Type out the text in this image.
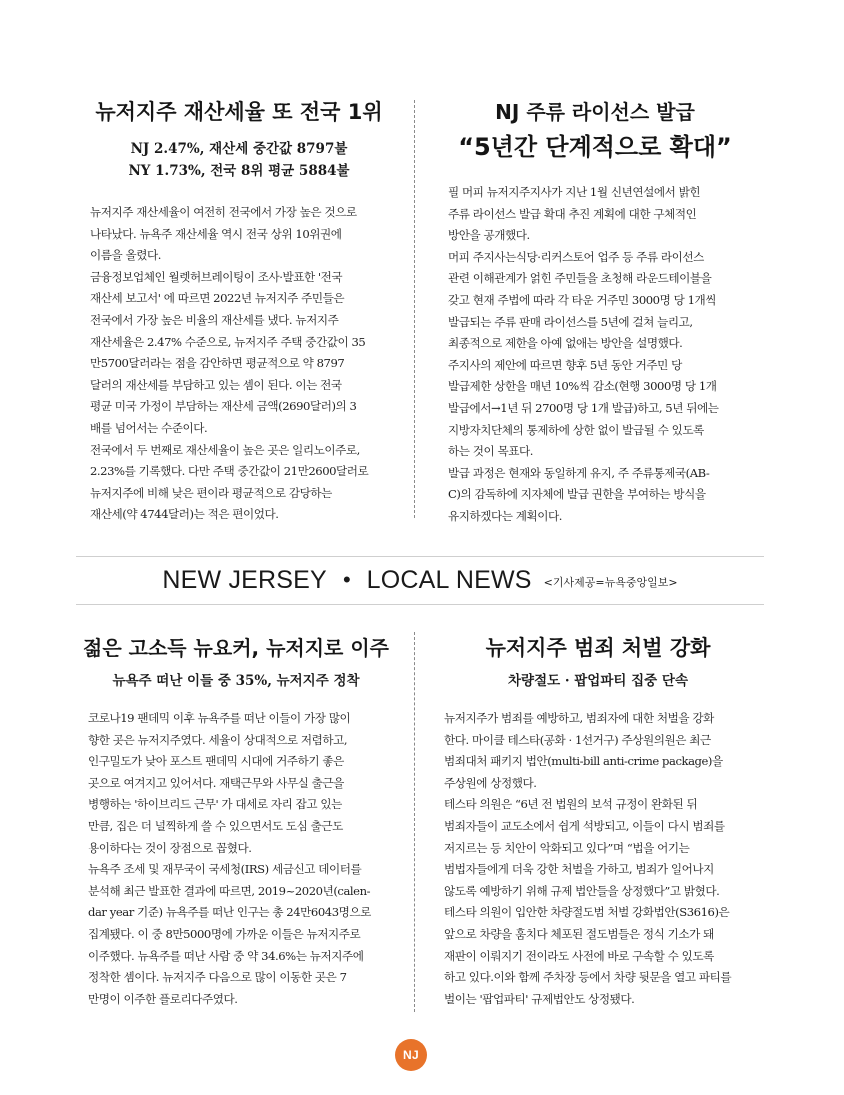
뉴저지주 재산세율 또 전국 1위
NJ 2.47%, 재산세 중간값 8797불
NY 1.73%, 전국 8위 평균 5884불

뉴저지주 재산세율이 여전히 전국에서 가장 높은 것으로
나타났다. 뉴욕주 재산세율 역시 전국 상위 10위권에
이름을 올렸다.
금융정보업체인 월렛허브레이팅이 조사·발표한 '전국
재산세 보고서' 에 따르면 2022년 뉴저지주 주민들은
전국에서 가장 높은 비율의 재산세를 냈다. 뉴저지주
재산세율은 2.47% 수준으로, 뉴저지주 주택 중간값이 35
만5700달러라는 점을 감안하면 평균적으로 약 8797
달러의 재산세를 부담하고 있는 셈이 된다. 이는 전국
평균 미국 가정이 부담하는 재산세 금액(2690달러)의 3
배를 넘어서는 수준이다.
전국에서 두 번째로 재산세율이 높은 곳은 일리노이주로,
2.23%를 기록했다. 다만 주택 중간값이 21만2600달러로
뉴저지주에 비해 낮은 편이라 평균적으로 감당하는
재산세(약 4744달러)는 적은 편이었다.

NJ 주류 라이선스 발급
“5년간 단계적으로 확대”

필 머피 뉴저지주지사가 지난 1월 신년연설에서 밝힌
주류 라이선스 발급 확대 추진 계획에 대한 구체적인
방안을 공개했다.
머피 주지사는식당·리커스토어 업주 등 주류 라이선스
관련 이해관계가 얽힌 주민들을 초청해 라운드테이블을
갖고 현재 주법에 따라 각 타운 거주민 3000명 당 1개씩
발급되는 주류 판매 라이선스를 5년에 걸쳐 늘리고,
최종적으로 제한을 아예 없애는 방안을 설명했다.
주지사의 제안에 따르면 향후 5년 동안 거주민 당
발급제한 상한을 매년 10%씩 감소(현행 3000명 당 1개
발급에서→1년 뒤 2700명 당 1개 발급)하고, 5년 뒤에는
지방자치단체의 통제하에 상한 없이 발급될 수 있도록
하는 것이 목표다.
발급 과정은 현재와 동일하게 유지, 주 주류통제국(AB-
C)의 감독하에 지자체에 발급 권한을 부여하는 방식을
유지하겠다는 계획이다.

NEW JERSEY • LOCAL NEWS <기사제공=뉴욕중앙일보>
젊은 고소득 뉴요커, 뉴저지로 이주
뉴욕주 떠난 이들 중 35%, 뉴저지주 정착

코로나19 팬데믹 이후 뉴욕주를 떠난 이들이 가장 많이
향한 곳은 뉴저지주였다. 세율이 상대적으로 저렴하고,
인구밀도가 낮아 포스트 팬데믹 시대에 거주하기 좋은
곳으로 여겨지고 있어서다. 재택근무와 사무실 출근을
병행하는 '하이브리드 근무' 가 대세로 자리 잡고 있는
만큼, 집은 더 널찍하게 쓸 수 있으면서도 도심 출근도
용이하다는 것이 장점으로 꼽혔다.
뉴욕주 조세 및 재무국이 국세청(IRS) 세금신고 데이터를
분석해 최근 발표한 결과에 따르면, 2019~2020년(calen-
dar year 기준) 뉴욕주를 떠난 인구는 총 24만6043명으로
집계됐다. 이 중 8만5000명에 가까운 이들은 뉴저지주로
이주했다. 뉴욕주를 떠난 사람 중 약 34.6%는 뉴저지주에
정착한 셈이다. 뉴저지주 다음으로 많이 이동한 곳은 7
만명이 이주한 플로리다주였다.

뉴저지주 범죄 처벌 강화
차량절도 · 팝업파티 집중 단속

뉴저지주가 범죄를 예방하고, 범죄자에 대한 처벌을 강화
한다. 마이클 테스타(공화 · 1선거구) 주상원의원은 최근
범죄대처 패키지 법안(multi-bill anti-crime package)을
주상원에 상정했다.
테스타 의원은 “6년 전 법원의 보석 규정이 완화된 뒤
범죄자들이 교도소에서 쉽게 석방되고, 이들이 다시 범죄를
저지르는 등 치안이 악화되고 있다”며 “법을 어기는
범법자들에게 더욱 강한 처벌을 가하고, 범죄가 일어나지
않도록 예방하기 위해 규제 법안들을 상정했다”고 밝혔다.
테스타 의원이 입안한 차량절도범 처벌 강화법안(S3616)은
앞으로 차량을 훔치다 체포된 절도범들은 정식 기소가 돼
재판이 이뤄지기 전이라도 사전에 바로 구속할 수 있도록
하고 있다.이와 함께 주차장 등에서 차량 뒷문을 열고 파티를
벌이는 '팝업파티' 규제법안도 상정됐다.

NJ
